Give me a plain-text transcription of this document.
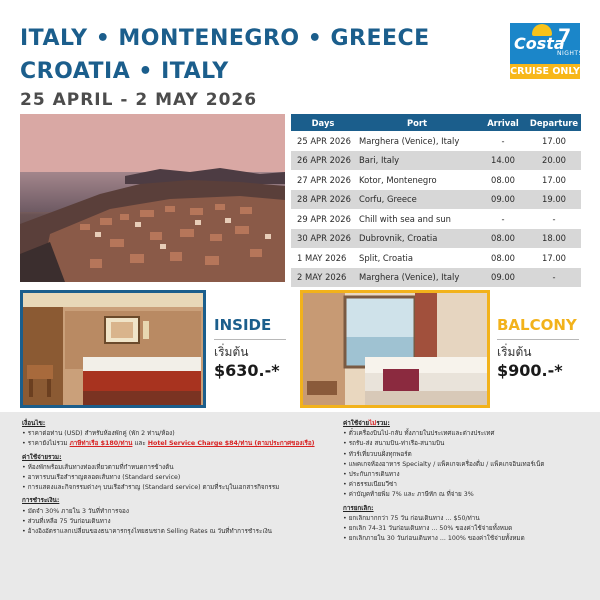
ITALY • MONTENEGRO • GREECE
CROATIA • ITALY
25 APRIL - 2 MAY 2026
Costa
7
NIGHTS
CRUISE ONLY
Days	Port	Arrival	Departure
25 APR 2026	Marghera (Venice), Italy	-	17.00
26 APR 2026	Bari, Italy	14.00	20.00
27 APR 2026	Kotor, Montenegro	08.00	17.00
28 APR 2026	Corfu, Greece	09.00	19.00
29 APR 2026	Chill with sea and sun	-	-
30 APR 2026	Dubrovnik, Croatia	08.00	18.00
1 MAY 2026	Split, Croatia	08.00	17.00
2 MAY 2026	Marghera (Venice), Italy	09.00	-
INSIDE
เริ่มต้น
$630.-*
BALCONY
เริ่มต้น
$900.-*
เงื่อนไข:
• ราคาต่อท่าน (USD) สำหรับห้องพักคู่ (พัก 2 ท่าน/ห้อง)
• ราคายังไม่รวม ภาษีท่าเรือ $180/ท่าน และ Hotel Service Charge $84/ท่าน (ตามประกาศของเรือ)
ค่าใช้จ่ายรวม:
• ห้องพักพร้อมเส้นทางท่องเที่ยวตามที่กำหนดการข้างต้น
• อาหารบนเรือสำราญตลอดเส้นทาง (Standard service)
• การแสดงและกิจกรรมต่างๆ บนเรือสำราญ (Standard service) ตามที่ระบุในเอกสารกิจกรรม
การชำระเงิน:
• มัดจำ 30% ภายใน 3 วันที่ทำการจอง
• ส่วนที่เหลือ 75 วันก่อนเดินทาง
• อ้างอิงอัตราแลกเปลี่ยนของธนาคารกรุงไทยธนชาต Selling Rates ณ วันที่ทำการชำระเงิน
ค่าใช้จ่ายไม่รวม:
• ตั๋วเครื่องบินไป-กลับ ทั้งภายในประเทศและต่างประเทศ
• รถรับ-ส่ง สนามบิน-ท่าเรือ-สนามบิน
• ทัวร์เที่ยวบนฝั่งทุกพอร์ต
• แพคเกจห้องอาหาร Specialty / แพ็คเกจเครื่องดื่ม / แพ็คเกจอินเทอร์เน็ต
• ประกันการเดินทาง
• ค่าธรรมเนียมวีซ่า
• ค่าบัญคท้ายพิ่ม 7% และ ภาษีหัก ณ ที่จ่าย 3%
การยกเลิก:
• ยกเลิกมากกว่า 75 วัน ก่อนเดินทาง ... $50/ท่าน
• ยกเลิก 74-31 วันก่อนเดินทาง ... 50% ของค่าใช้จ่ายทั้งหมด
• ยกเลิกภายใน 30 วันก่อนเดินทาง ... 100% ของค่าใช้จ่ายทั้งหมด
